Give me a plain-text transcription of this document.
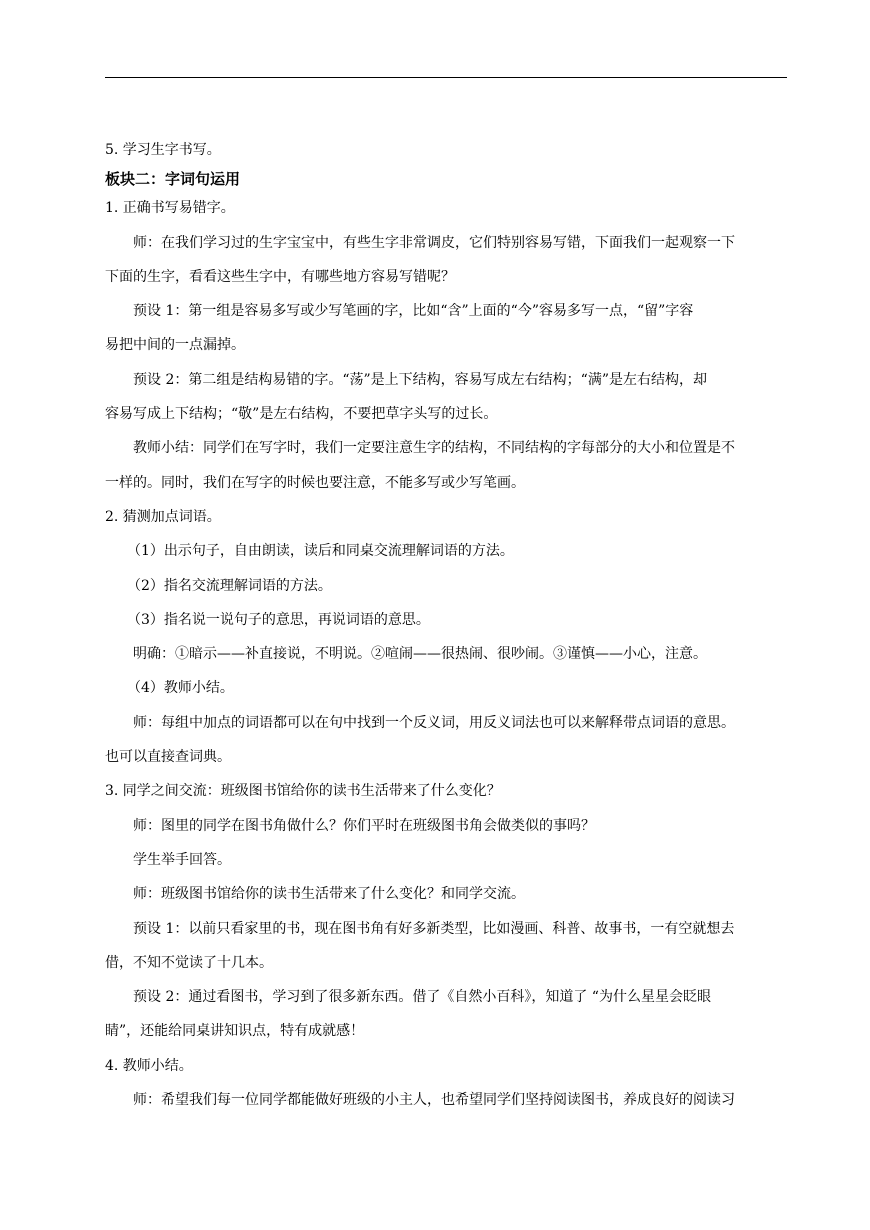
5. 学习生字书写。
板块二：字词句运用
1. 正确书写易错字。
师：在我们学习过的生字宝宝中，有些生字非常调皮，它们特别容易写错，下面我们一起观察一下
下面的生字，看看这些生字中，有哪些地方容易写错呢？
预设 1：第一组是容易多写或少写笔画的字，比如“含”上面的“今”容易多写一点，“留”字容
易把中间的一点漏掉。
预设 2：第二组是结构易错的字。“荡”是上下结构，容易写成左右结构；“满”是左右结构，却
容易写成上下结构；“敬”是左右结构，不要把草字头写的过长。
教师小结：同学们在写字时，我们一定要注意生字的结构，不同结构的字每部分的大小和位置是不
一样的。同时，我们在写字的时候也要注意，不能多写或少写笔画。
2. 猜测加点词语。
（1）出示句子，自由朗读，读后和同桌交流理解词语的方法。
（2）指名交流理解词语的方法。
（3）指名说一说句子的意思，再说词语的意思。
明确：①暗示——补直接说，不明说。②喧闹——很热闹、很吵闹。③谨慎——小心，注意。
（4）教师小结。
师：每组中加点的词语都可以在句中找到一个反义词，用反义词法也可以来解释带点词语的意思。
也可以直接查词典。
3. 同学之间交流：班级图书馆给你的读书生活带来了什么变化？
师：图里的同学在图书角做什么？你们平时在班级图书角会做类似的事吗？
学生举手回答。
师：班级图书馆给你的读书生活带来了什么变化？和同学交流。
预设 1：以前只看家里的书，现在图书角有好多新类型，比如漫画、科普、故事书，一有空就想去
借，不知不觉读了十几本。
预设 2：通过看图书，学习到了很多新东西。借了《自然小百科》，知道了 “为什么星星会眨眼
睛”，还能给同桌讲知识点，特有成就感！
4. 教师小结。
师：希望我们每一位同学都能做好班级的小主人，也希望同学们坚持阅读图书，养成良好的阅读习
